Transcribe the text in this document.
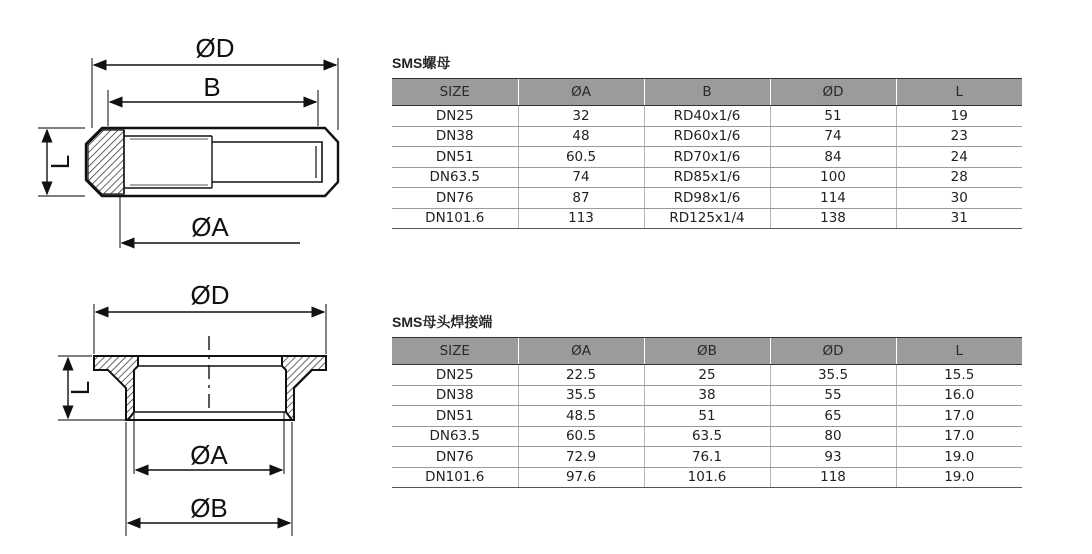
ØD
B
L
ØA
ØD
L
ØA
ØB
SMS螺母
SIZE	ØA	B	ØD	L
DN25	32	RD40x1/6	51	19
DN38	48	RD60x1/6	74	23
DN51	60.5	RD70x1/6	84	24
DN63.5	74	RD85x1/6	100	28
DN76	87	RD98x1/6	114	30
DN101.6	113	RD125x1/4	138	31
SMS母头焊接端
SIZE	ØA	ØB	ØD	L
DN25	22.5	25	35.5	15.5
DN38	35.5	38	55	16.0
DN51	48.5	51	65	17.0
DN63.5	60.5	63.5	80	17.0
DN76	72.9	76.1	93	19.0
DN101.6	97.6	101.6	118	19.0
